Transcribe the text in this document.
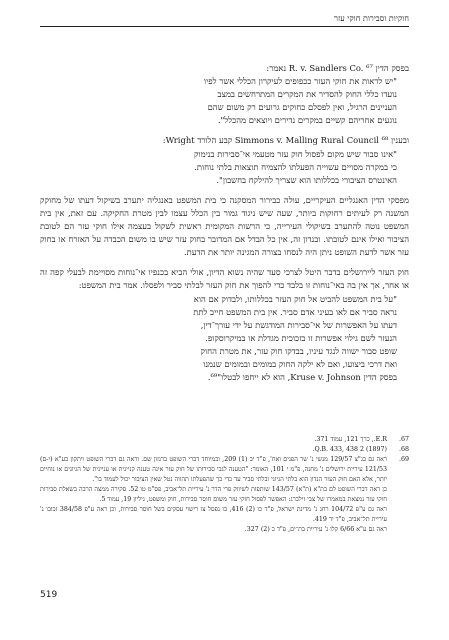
חוקיות וסבירות חוקי עזר

בפסק הדין R. v. Sandlers Co. ⁶⁷ נאמר:

"יש לראות את חוקי העזר ככפופים לעיקרון הכללי אשר לפיו
נועדו כללי החוק להסדיר את המקרים המתרחשים במצב
העניינים הרגיל, ואין לפסלם כחוקים גרועים רק משום שהם
נוגעים אחריהם קשיים במקרים נדירים ויוצאים מהכלל".

ובענין Simmons v. Malling Rural Council ⁶⁸ קבע הלורד Wright:

"אינו סבור שיש מקום לפסול חוק עזר מטעמי אי־סבירות בנימוק
כי במקרה מסויים עשוייה הפעלתו להצמיח תוצאות בלתי נוחות.
האינטרס הציבורי בכללותו הוא שצריך להילקח בחשבון".

מפסקי הדין האנגליים העיקריים, עולה כבירור המסקנה כי בית המשפט באנגליה יתערב בשיקול דעתו של מחוקק המשנה רק לעיתים רחוקות ביותר, שעה שיש ניגוד גמור בין הכלל עצמו לבין מטרת החקיקה. עם זאת, אין בית המשפט נוטה להתערב בשיקולי העירייה, כי הרשות המקומית ראשית לשקול בעצמה אילו חוקי עזר הם לטובת הציבור ואילו אינם לטובתו. ובנדון זה, אין כל הבדל אם המדובר בחוק עזר שיש בו משום הכבדה על האזרח או בחוק עזר אשר לדעת השופט ניתן היה לנסחו בצורה המגינה יותר את הדעת.

חוק העזר ליירושלים בדבר היטל לצרכי סעד שהיה נשוא הדיון, אולי הביא בכנפיו אי־נוחות מסויימת לבעלי קפה זה או אחר, אך אין בה באי־נוחות זו בלבד כדי להפוך את חוק העזר לבלתי סביר ולפסלו. אמר בית המשפט:

"על בית המשפט להביט אל חוק העזר בכללותו, ולבדוק אם הוא
נראה סביר אם לאו בעיני אדם סביר. אין בית המשפט חייב לתת
דעתו על האפשרות של אי־סבירות המודגשת על ידי עורך־דין,
הנעזר לשם גילוי אפשרות זו בזכוכית מגדלת או במיקרוסקופ.
שופט סבור ישווה לנגד עיניו, בבדקו חוק עזר, את מטרת החוק
ואת דרכי ביצועו, ואם לא ילקה החוק במומים ובמומים שנמנו
בפסק הדין Kruse v. Johnson, הוא לא ייחפו לבטלו"⁶⁹.

67.
E.R., כרך 121, עמוד 371.
68.
(1897) 2 Q.B. 433, 438.
69.
ראה גם בג"צ 129/57 מנשי נ' שר הפנים ואח', פ"ד יב (1) 209, ובמיוחד דברי השופט ברנזון שם. וראה גם דברי השופט ויתקון בע"א (י-ם) 121/53 עיריית ירושלים נ' מחנה, פ"מ י 101, האומר: "הטענה לגבי סבירותו של חוק עזר אינה טענה קניינית או עניינית של הגיונים או נוחיים יותר, אלא האם חוק העזר הנדון הוא בלתי הגיוני ובלתי סביר עד כדי כך שהפעלתו תהווה נטל שאין הציבור יכול לעמוד בו".
כן ראה דברי השופט לם בת"א (ת"א) 143/57 שותפות לשיווק פרי הדר נ' עיריית תל־אביב, פס"מ טו 52. סקירה ממצה הרבה בשאלת סבירות חוקי עזר נמצאת במאמרו של צבי זילברג: האפשר לפסול חוקי עזר משום חוסר סבירות, חוק ומשפט, גיליון 19, עמוד 5.
ראה גם ע"פ 104/72 רחג נ' מדינת ישראל, פ"ד כו (2) 416, בו נפסל צו רישוי עסקים בשל חוסר סבירות, וכן ראה ע"פ 384/58 זכובו נ' עיריית תל־אביב, פ"ד יד 419.
ראה גם ע"א 6/66 קלו נ' עיריית בת־ים, פ"ד כ (2) 327.
519
